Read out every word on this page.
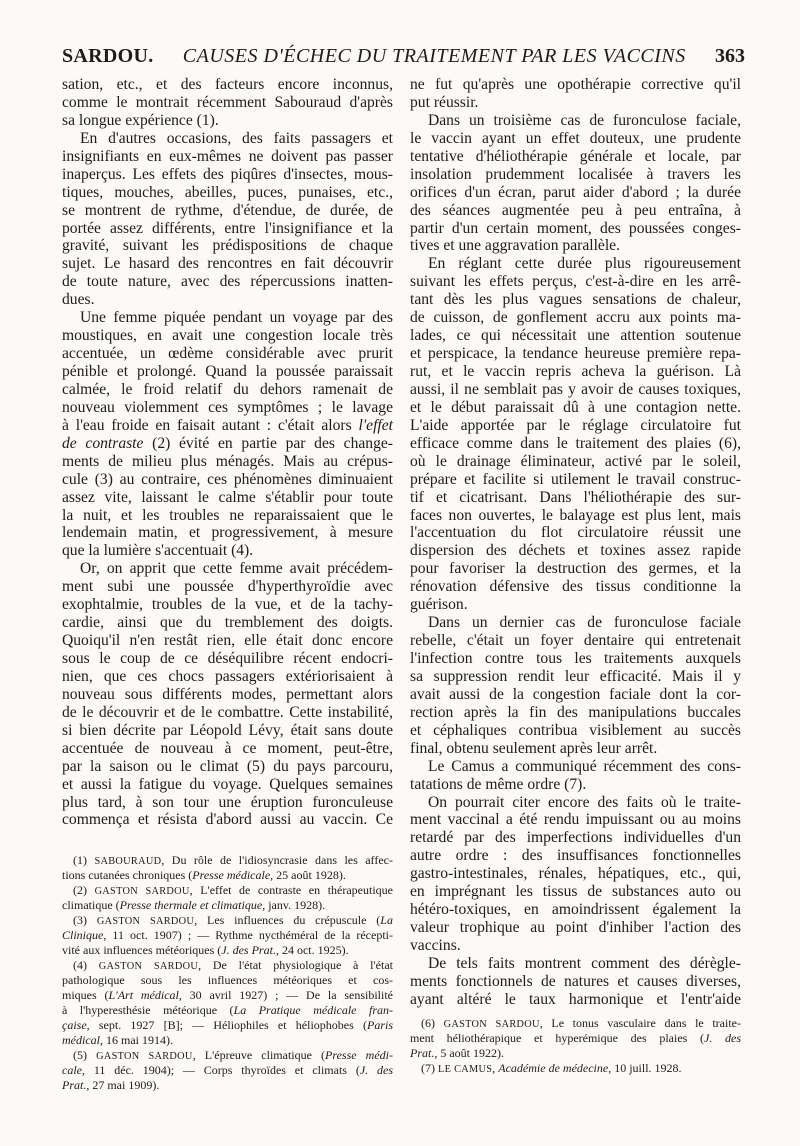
SARDOU. CAUSES D'ÉCHEC DU TRAITEMENT PAR LES VACCINS 363
sation, etc., et des facteurs encore inconnus,
comme le montrait récemment Sabouraud d'après
sa longue expérience (1).
En d'autres occasions, des faits passagers et
insignifiants en eux-mêmes ne doivent pas passer
inaperçus. Les effets des piqûres d'insectes, mous-
tiques, mouches, abeilles, puces, punaises, etc.,
se montrent de rythme, d'étendue, de durée, de
portée assez différents, entre l'insignifiance et la
gravité, suivant les prédispositions de chaque
sujet. Le hasard des rencontres en fait découvrir
de toute nature, avec des répercussions inatten-
dues.
Une femme piquée pendant un voyage par des
moustiques, en avait une congestion locale très
accentuée, un œdème considérable avec prurit
pénible et prolongé. Quand la poussée paraissait
calmée, le froid relatif du dehors ramenait de
nouveau violemment ces symptômes ; le lavage
à l'eau froide en faisait autant : c'était alors l'effet
de contraste (2) évité en partie par des change-
ments de milieu plus ménagés. Mais au crépus-
cule (3) au contraire, ces phénomènes diminuaient
assez vite, laissant le calme s'établir pour toute
la nuit, et les troubles ne reparaissaient que le
lendemain matin, et progressivement, à mesure
que la lumière s'accentuait (4).
Or, on apprit que cette femme avait précédem-
ment subi une poussée d'hyperthyroïdie avec
exophtalmie, troubles de la vue, et de la tachy-
cardie, ainsi que du tremblement des doigts.
Quoiqu'il n'en restât rien, elle était donc encore
sous le coup de ce déséquilibre récent endocri-
nien, que ces chocs passagers extériorisaient à
nouveau sous différents modes, permettant alors
de le découvrir et de le combattre. Cette instabilité,
si bien décrite par Léopold Lévy, était sans doute
accentuée de nouveau à ce moment, peut-être,
par la saison ou le climat (5) du pays parcouru,
et aussi la fatigue du voyage. Quelques semaines
plus tard, à son tour une éruption furonculeuse
commença et résista d'abord aussi au vaccin. Ce
ne fut qu'après une opothérapie corrective qu'il
put réussir.
Dans un troisième cas de furonculose faciale,
le vaccin ayant un effet douteux, une prudente
tentative d'héliothérapie générale et locale, par
insolation prudemment localisée à travers les
orifices d'un écran, parut aider d'abord ; la durée
des séances augmentée peu à peu entraîna, à
partir d'un certain moment, des poussées conges-
tives et une aggravation parallèle.
En réglant cette durée plus rigoureusement
suivant les effets perçus, c'est-à-dire en les arrê-
tant dès les plus vagues sensations de chaleur,
de cuisson, de gonflement accru aux points ma-
lades, ce qui nécessitait une attention soutenue
et perspicace, la tendance heureuse première repa-
rut, et le vaccin repris acheva la guérison. Là
aussi, il ne semblait pas y avoir de causes toxiques,
et le début paraissait dû à une contagion nette.
L'aide apportée par le réglage circulatoire fut
efficace comme dans le traitement des plaies (6),
où le drainage éliminateur, activé par le soleil,
prépare et facilite si utilement le travail construc-
tif et cicatrisant. Dans l'héliothérapie des sur-
faces non ouvertes, le balayage est plus lent, mais
l'accentuation du flot circulatoire réussit une
dispersion des déchets et toxines assez rapide
pour favoriser la destruction des germes, et la
rénovation défensive des tissus conditionne la
guérison.
Dans un dernier cas de furonculose faciale
rebelle, c'était un foyer dentaire qui entretenait
l'infection contre tous les traitements auxquels
sa suppression rendit leur efficacité. Mais il y
avait aussi de la congestion faciale dont la cor-
rection après la fin des manipulations buccales
et céphaliques contribua visiblement au succès
final, obtenu seulement après leur arrêt.
Le Camus a communiqué récemment des cons-
tatations de même ordre (7).
On pourrait citer encore des faits où le traite-
ment vaccinal a été rendu impuissant ou au moins
retardé par des imperfections individuelles d'un
autre ordre : des insuffisances fonctionnelles
gastro-intestinales, rénales, hépatiques, etc., qui,
en imprégnant les tissus de substances auto ou
hétéro-toxiques, en amoindrissent également la
valeur trophique au point d'inhiber l'action des
vaccins.
De tels faits montrent comment des dérègle-
ments fonctionnels de natures et causes diverses,
ayant altéré le taux harmonique et l'entr'aide
(1) SABOURAUD, Du rôle de l'idiosyncrasie dans les affec-
tions cutanées chroniques (Presse médicale, 25 août 1928).
(2) GASTON SARDOU, L'effet de contraste en thérapeutique
climatique (Presse thermale et climatique, janv. 1928).
(3) GASTON SARDOU, Les influences du crépuscule (La
Clinique, 11 oct. 1907) ; — Rythme nycthéméral de la récepti-
vité aux influences météoriques (J. des Prat., 24 oct. 1925).
(4) GASTON SARDOU, De l'état physiologique à l'état
pathologique sous les influences météoriques et cos-
miques (L'Art médical, 30 avril 1927) ; — De la sensibilité
à l'hyperesthésie météorique (La Pratique médicale fran-
çaise, sept. 1927 [B]; — Héliophiles et héliophobes (Paris
médical, 16 mai 1914).
(5) GASTON SARDOU, L'épreuve climatique (Presse médi-
cale, 11 déc. 1904); — Corps thyroïdes et climats (J. des
Prat., 27 mai 1909).
(6) GASTON SARDOU, Le tonus vasculaire dans le traite-
ment héliothérapique et hyperémique des plaies (J. des
Prat., 5 août 1922).
(7) LE CAMUS, Académie de médecine, 10 juill. 1928.
